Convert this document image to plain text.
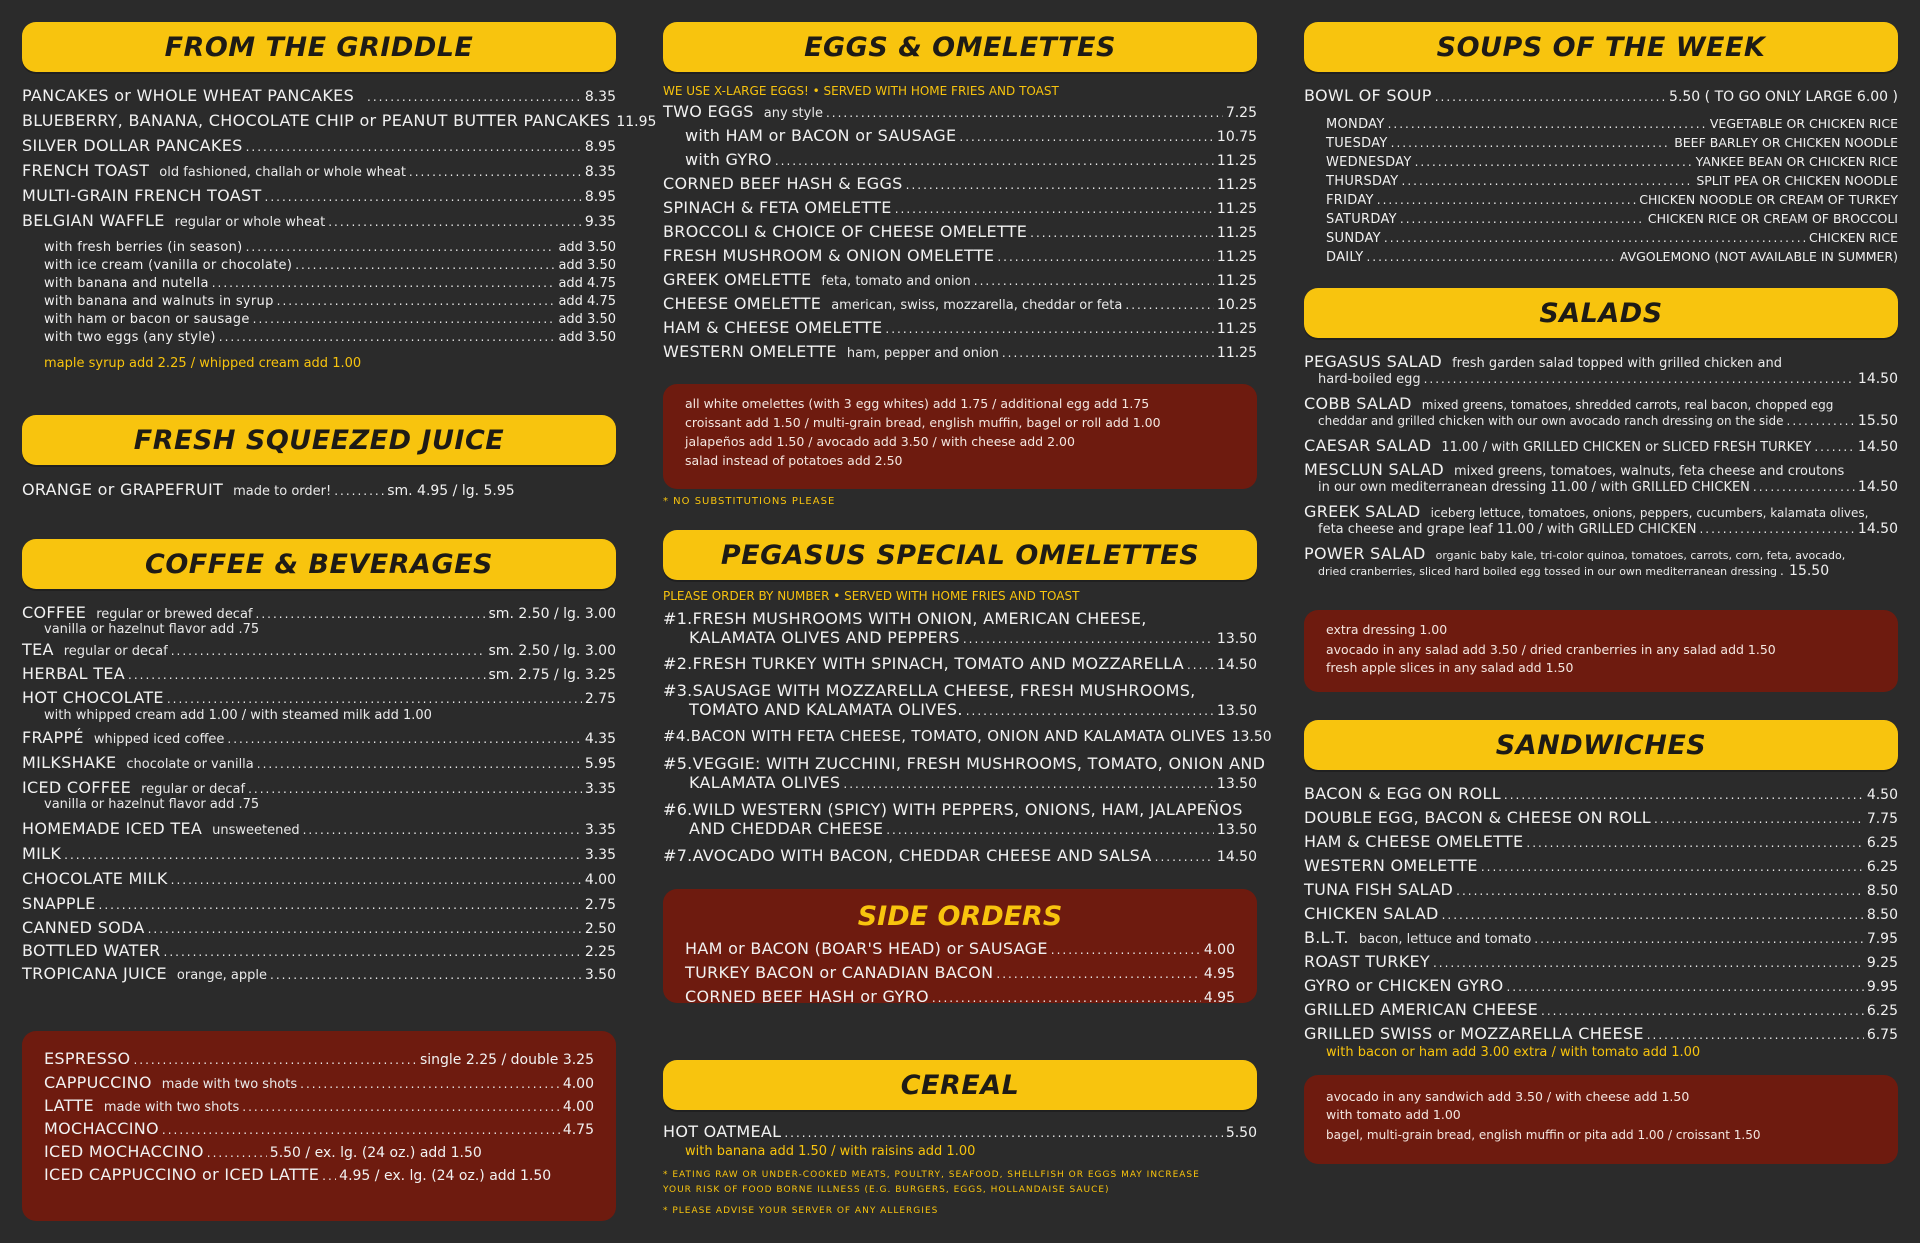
FROM THE GRIDDLE
PANCAKES or WHOLE WHEAT PANCAKES .....	8.35
BLUEBERRY, BANANA, CHOCOLATE CHIP or PEANUT BUTTER PANCAKES 11.95
SILVER DOLLAR PANCAKES .....	8.95
FRENCH TOAST old fashioned, challah or whole wheat .....	8.35
MULTI-GRAIN FRENCH TOAST .....	8.95
BELGIAN WAFFLE regular or whole wheat .....	9.35
with fresh berries (in season) .....	add 3.50
with ice cream (vanilla or chocolate) .....	add 3.50
with banana and nutella .....	add 4.75
with banana and walnuts in syrup .....	add 4.75
with ham or bacon or sausage .....	add 3.50
with two eggs (any style) .....	add 3.50
maple syrup add 2.25 / whipped cream add 1.00
FRESH SQUEEZED JUICE
ORANGE or GRAPEFRUIT made to order! .....	sm. 4.95 / lg. 5.95
COFFEE & BEVERAGES
COFFEE regular or brewed decaf .....	sm. 2.50 / lg. 3.00
vanilla or hazelnut flavor add .75
TEA regular or decaf .....	sm. 2.50 / lg. 3.00
HERBAL TEA .....	sm. 2.75 / lg. 3.25
HOT CHOCOLATE .....	2.75
with whipped cream add 1.00 / with steamed milk add 1.00
FRAPPÉ whipped iced coffee .....	4.35
MILKSHAKE chocolate or vanilla .....	5.95
ICED COFFEE regular or decaf .....	3.35
vanilla or hazelnut flavor add .75
HOMEMADE ICED TEA unsweetened .....	3.35
MILK .....	3.35
CHOCOLATE MILK .....	4.00
SNAPPLE .....	2.75
CANNED SODA .....	2.50
BOTTLED WATER .....	2.25
TROPICANA JUICE orange, apple .....	3.50
ESPRESSO .....	single 2.25 / double 3.25
CAPPUCCINO made with two shots .....	4.00
LATTE made with two shots .....	4.00
MOCHACCINO .....	4.75
ICED MOCHACCINO .....	5.50 / ex. lg. (24 oz.) add 1.50
ICED CAPPUCCINO or ICED LATTE ..... 4.95 / ex. lg. (24 oz.) add 1.50
EGGS & OMELETTES
WE USE X-LARGE EGGS! • SERVED WITH HOME FRIES AND TOAST
TWO EGGS any style .....	7.25
with HAM or BACON or SAUSAGE .....	10.75
with GYRO .....	11.25
CORNED BEEF HASH & EGGS .....	11.25
SPINACH & FETA OMELETTE .....	11.25
BROCCOLI & CHOICE OF CHEESE OMELETTE .....	11.25
FRESH MUSHROOM & ONION OMELETTE .....	11.25
GREEK OMELETTE feta, tomato and onion .....	11.25
CHEESE OMELETTE american, swiss, mozzarella, cheddar or feta .....	10.25
HAM & CHEESE OMELETTE .....	11.25
WESTERN OMELETTE ham, pepper and onion .....	11.25
all white omelettes (with 3 egg whites) add 1.75 / additional egg add 1.75
croissant add 1.50 / multi-grain bread, english muffin, bagel or roll add 1.00
jalapeños add 1.50 / avocado add 3.50 / with cheese add 2.00
salad instead of potatoes add 2.50
* NO SUBSTITUTIONS PLEASE
PEGASUS SPECIAL OMELETTES
PLEASE ORDER BY NUMBER • SERVED WITH HOME FRIES AND TOAST
#1.FRESH MUSHROOMS WITH ONION, AMERICAN CHEESE,
KALAMATA OLIVES AND PEPPERS .....	13.50
#2.FRESH TURKEY WITH SPINACH, TOMATO AND MOZZARELLA ..... 14.50
#3.SAUSAGE WITH MOZZARELLA CHEESE, FRESH MUSHROOMS,
TOMATO AND KALAMATA OLIVES. .....	13.50
#4.BACON WITH FETA CHEESE, TOMATO, ONION AND KALAMATA OLIVES 13.50
#5.VEGGIE: WITH ZUCCHINI, FRESH MUSHROOMS, TOMATO, ONION AND
KALAMATA OLIVES .....	13.50
#6.WILD WESTERN (SPICY) WITH PEPPERS, ONIONS, HAM, JALAPEÑOS
AND CHEDDAR CHEESE .....	13.50
#7.AVOCADO WITH BACON, CHEDDAR CHEESE AND SALSA .....	14.50
SIDE ORDERS
HAM or BACON (BOAR'S HEAD) or SAUSAGE .....	4.00
TURKEY BACON or CANADIAN BACON .....	4.95
CORNED BEEF HASH or GYRO .....	4.95
CEREAL
HOT OATMEAL .....	5.50
with banana add 1.50 / with raisins add 1.00
* EATING RAW OR UNDER-COOKED MEATS, POULTRY, SEAFOOD, SHELLFISH OR EGGS MAY INCREASE
YOUR RISK OF FOOD BORNE ILLNESS (E.G. BURGERS, EGGS, HOLLANDAISE SAUCE)
* PLEASE ADVISE YOUR SERVER OF ANY ALLERGIES
SOUPS OF THE WEEK
BOWL OF SOUP .....	5.50 ( TO GO ONLY LARGE 6.00 )
MONDAY .....	VEGETABLE OR CHICKEN RICE
TUESDAY .....	BEEF BARLEY OR CHICKEN NOODLE
WEDNESDAY .....	YANKEE BEAN OR CHICKEN RICE
THURSDAY .....	SPLIT PEA OR CHICKEN NOODLE
FRIDAY .....	CHICKEN NOODLE OR CREAM OF TURKEY
SATURDAY .....	CHICKEN RICE OR CREAM OF BROCCOLI
SUNDAY .....	CHICKEN RICE
DAILY .....	AVGOLEMONO (NOT AVAILABLE IN SUMMER)
SALADS
PEGASUS SALAD fresh garden salad topped with grilled chicken and
hard-boiled egg .....	14.50
COBB SALAD mixed greens, tomatoes, shredded carrots, real bacon, chopped egg
cheddar and grilled chicken with our own avocado ranch dressing on the side .....	15.50
CAESAR SALAD 11.00 / with GRILLED CHICKEN or SLICED FRESH TURKEY .....	14.50
MESCLUN SALAD mixed greens, tomatoes, walnuts, feta cheese and croutons
in our own mediterranean dressing 11.00 / with GRILLED CHICKEN .....	14.50
GREEK SALAD iceberg lettuce, tomatoes, onions, peppers, cucumbers, kalamata olives,
feta cheese and grape leaf 11.00 / with GRILLED CHICKEN .....	14.50
POWER SALAD organic baby kale, tri-color quinoa, tomatoes, carrots, corn, feta, avocado,
dried cranberries, sliced hard boiled egg tossed in our own mediterranean dressing ..... 15.50
extra dressing 1.00
avocado in any salad add 3.50 / dried cranberries in any salad add 1.50
fresh apple slices in any salad add 1.50
SANDWICHES
BACON & EGG ON ROLL .....	4.50
DOUBLE EGG, BACON & CHEESE ON ROLL .....	7.75
HAM & CHEESE OMELETTE .....	6.25
WESTERN OMELETTE .....	6.25
TUNA FISH SALAD .....	8.50
CHICKEN SALAD .....	8.50
B.L.T. bacon, lettuce and tomato .....	7.95
ROAST TURKEY .....	9.25
GYRO or CHICKEN GYRO .....	9.95
GRILLED AMERICAN CHEESE .....	6.25
GRILLED SWISS or MOZZARELLA CHEESE .....	6.75
with bacon or ham add 3.00 extra / with tomato add 1.00
avocado in any sandwich add 3.50 / with cheese add 1.50
with tomato add 1.00
bagel, multi-grain bread, english muffin or pita add 1.00 / croissant 1.50
